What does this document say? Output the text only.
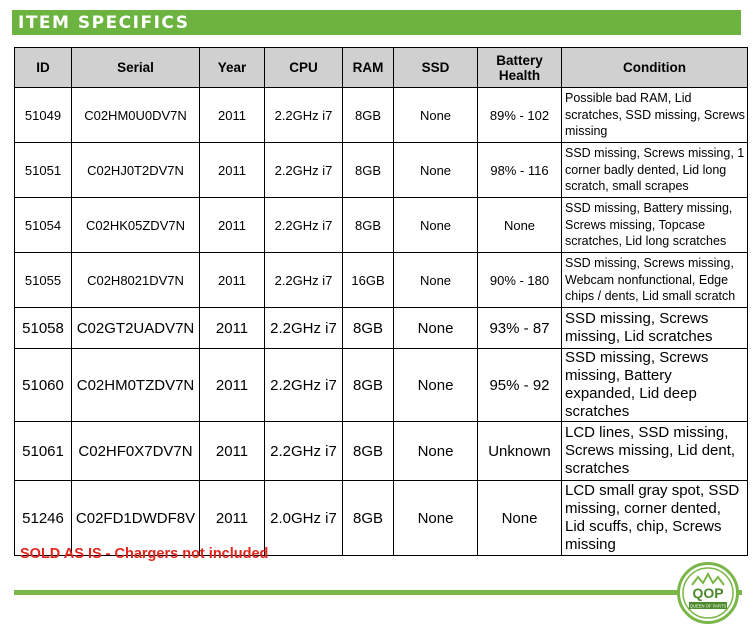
ITEM SPECIFICS
ID	Serial	Year	CPU	RAM	SSD	Battery Health	Condition
51049	C02HM0U0DV7N	2011	2.2GHz i7	8GB	None	89% - 102	Possible bad RAM, Lid scratches, SSD missing, Screws missing
51051	C02HJ0T2DV7N	2011	2.2GHz i7	8GB	None	98% - 116	SSD missing, Screws missing, 1 corner badly dented, Lid long scratch, small scrapes
51054	C02HK05ZDV7N	2011	2.2GHz i7	8GB	None	None	SSD missing, Battery missing, Screws missing, Topcase scratches, Lid long scratches
51055	C02H8021DV7N	2011	2.2GHz i7	16GB	None	90% - 180	SSD missing, Screws missing, Webcam nonfunctional, Edge chips / dents, Lid small scratch
51058	C02GT2UADV7N	2011	2.2GHz i7	8GB	None	93% - 87	SSD missing, Screws missing, Lid scratches
51060	C02HM0TZDV7N	2011	2.2GHz i7	8GB	None	95% - 92	SSD missing, Screws missing, Battery expanded, Lid deep scratches
51061	C02HF0X7DV7N	2011	2.2GHz i7	8GB	None	Unknown	LCD lines, SSD missing, Screws missing, Lid dent, scratches
51246	C02FD1DWDF8V	2011	2.0GHz i7	8GB	None	None	LCD small gray spot, SSD missing, corner dented, Lid scuffs, chip, Screws missing
SOLD AS IS - Chargers not included
QOP
QUEEN OF PARTS
